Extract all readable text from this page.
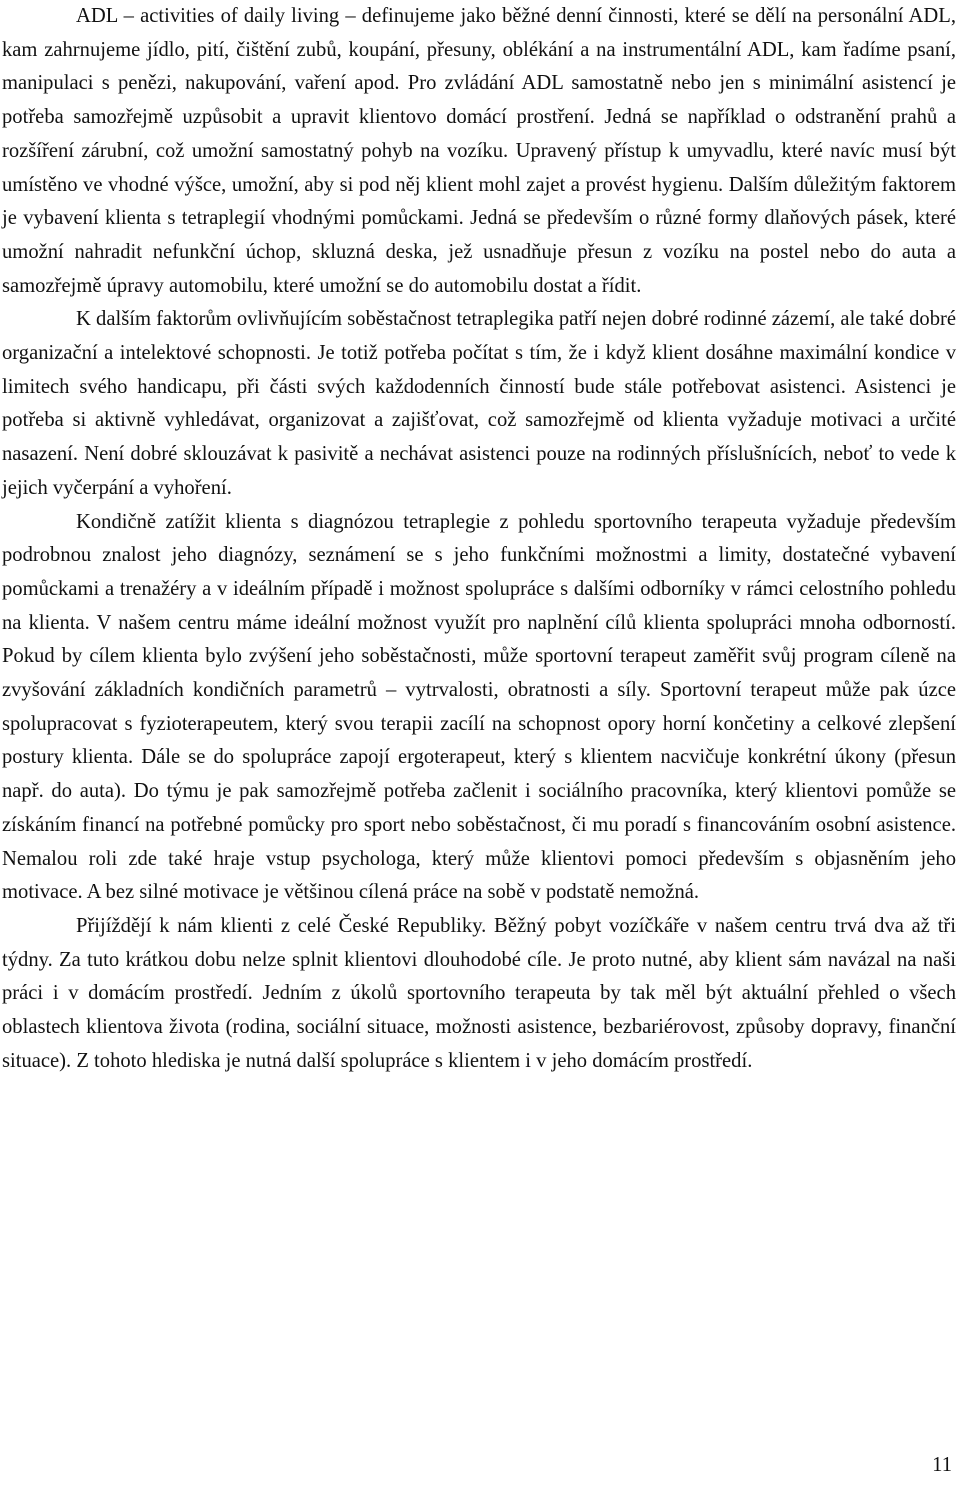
ADL – activities of daily living – definujeme jako běžné denní činnosti, které se dělí na personální ADL, kam zahrnujeme jídlo, pití, čištění zubů, koupání, přesuny, oblékání a na instrumentální ADL, kam řadíme psaní, manipulaci s penězi, nakupování, vaření apod. Pro zvládání ADL samostatně nebo jen s minimální asistencí je potřeba samozřejmě uzpůsobit a upravit klientovo domácí prostření. Jedná se například o odstranění prahů a rozšíření zárubní, což umožní samostatný pohyb na vozíku. Upravený přístup k umyvadlu, které navíc musí být umístěno ve vhodné výšce, umožní, aby si pod něj klient mohl zajet a provést hygienu. Dalším důležitým faktorem je vybavení klienta s tetraplegií vhodnými pomůckami. Jedná se především o různé formy dlaňových pásek, které umožní nahradit nefunkční úchop, skluzná deska, jež usnadňuje přesun z vozíku na postel nebo do auta a samozřejmě úpravy automobilu, které umožní se do automobilu dostat a řídit.

K dalším faktorům ovlivňujícím soběstačnost tetraplegika patří nejen dobré rodinné zázemí, ale také dobré organizační a intelektové schopnosti. Je totiž potřeba počítat s tím, že i když klient dosáhne maximální kondice v limitech svého handicapu, při části svých každodenních činností bude stále potřebovat asistenci. Asistenci je potřeba si aktivně vyhledávat, organizovat a zajišťovat, což samozřejmě od klienta vyžaduje motivaci a určité nasazení. Není dobré sklouzávat k pasivitě a nechávat asistenci pouze na rodinných příslušnících, neboť to vede k jejich vyčerpání a vyhoření.

Kondičně zatížit klienta s diagnózou tetraplegie z pohledu sportovního terapeuta vyžaduje především podrobnou znalost jeho diagnózy, seznámení se s jeho funkčními možnostmi a limity, dostatečné vybavení pomůckami a trenažéry a v ideálním případě i možnost spolupráce s dalšími odborníky v rámci celostního pohledu na klienta. V našem centru máme ideální možnost využít pro naplnění cílů klienta spolupráci mnoha odborností. Pokud by cílem klienta bylo zvýšení jeho soběstačnosti, může sportovní terapeut zaměřit svůj program cíleně na zvyšování základních kondičních parametrů – vytrvalosti, obratnosti a síly. Sportovní terapeut může pak úzce spolupracovat s fyzioterapeutem, který svou terapii zacílí na schopnost opory horní končetiny a celkové zlepšení postury klienta. Dále se do spolupráce zapojí ergoterapeut, který s klientem nacvičuje konkrétní úkony (přesun např. do auta). Do týmu je pak samozřejmě potřeba začlenit i sociálního pracovníka, který klientovi pomůže se získáním financí na potřebné pomůcky pro sport nebo soběstačnost, či mu poradí s financováním osobní asistence. Nemalou roli zde také hraje vstup psychologa, který může klientovi pomoci především s objasněním jeho motivace. A bez silné motivace je většinou cílená práce na sobě v podstatě nemožná.

Přijíždějí k nám klienti z celé České Republiky. Běžný pobyt vozíčkáře v našem centru trvá dva až tři týdny. Za tuto krátkou dobu nelze splnit klientovi dlouhodobé cíle. Je proto nutné, aby klient sám navázal na naši práci i v domácím prostředí. Jedním z úkolů sportovního terapeuta by tak měl být aktuální přehled o všech oblastech klientova života (rodina, sociální situace, možnosti asistence, bezbariérovost, způsoby dopravy, finanční situace). Z tohoto hlediska je nutná další spolupráce s klientem i v jeho domácím prostředí.

11
